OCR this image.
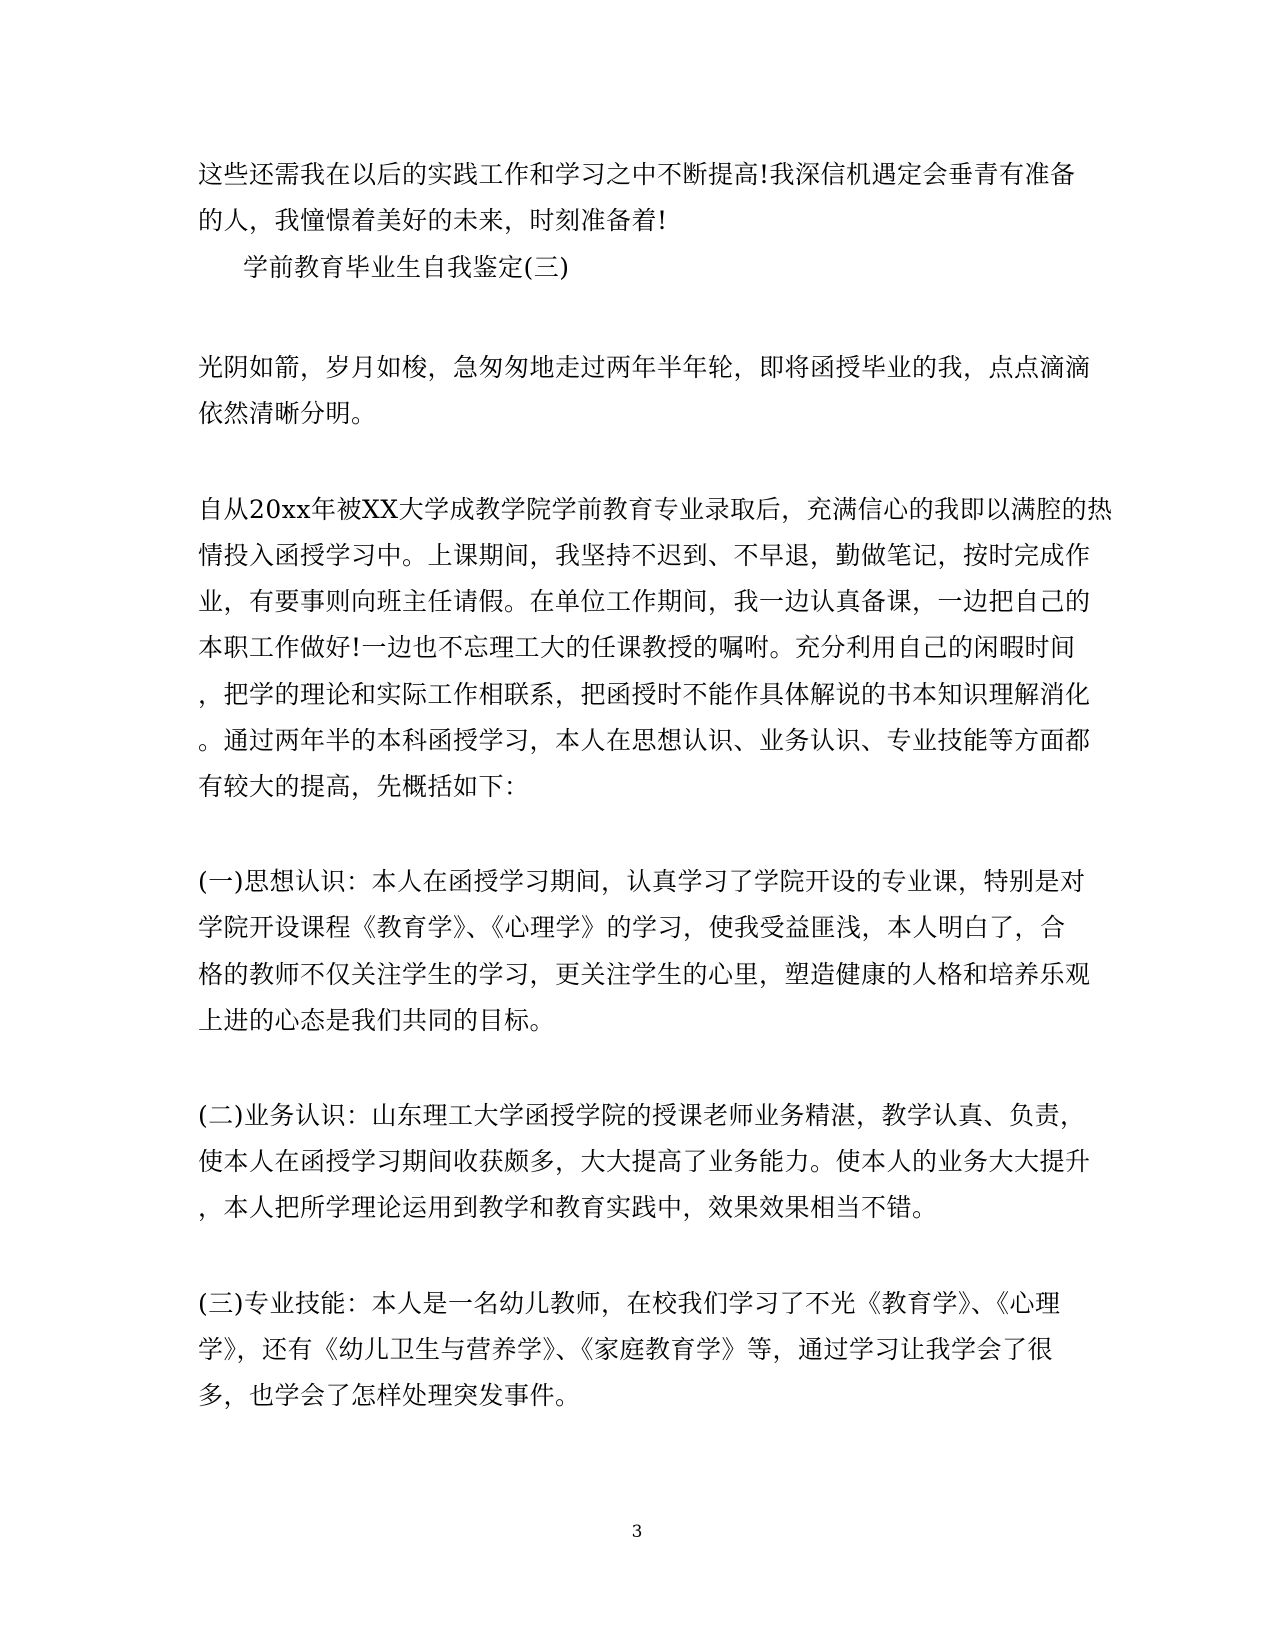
这些还需我在以后的实践工作和学习之中不断提高!我深信机遇定会垂青有准备
的人，我憧憬着美好的未来，时刻准备着!
学前教育毕业生自我鉴定(三)
光阴如箭，岁月如梭，急匆匆地走过两年半年轮，即将函授毕业的我，点点滴滴
依然清晰分明。
自从20xx年被XX大学成教学院学前教育专业录取后，充满信心的我即以满腔的热
情投入函授学习中。上课期间，我坚持不迟到、不早退，勤做笔记，按时完成作
业，有要事则向班主任请假。在单位工作期间，我一边认真备课，一边把自己的
本职工作做好!一边也不忘理工大的任课教授的嘱咐。充分利用自己的闲暇时间
，把学的理论和实际工作相联系，把函授时不能作具体解说的书本知识理解消化
。通过两年半的本科函授学习，本人在思想认识、业务认识、专业技能等方面都
有较大的提高，先概括如下：
(一)思想认识：本人在函授学习期间，认真学习了学院开设的专业课，特别是对
学院开设课程《教育学》、《心理学》的学习，使我受益匪浅，本人明白了，合
格的教师不仅关注学生的学习，更关注学生的心里，塑造健康的人格和培养乐观
上进的心态是我们共同的目标。
(二)业务认识：山东理工大学函授学院的授课老师业务精湛，教学认真、负责，
使本人在函授学习期间收获颇多，大大提高了业务能力。使本人的业务大大提升
，本人把所学理论运用到教学和教育实践中，效果效果相当不错。
(三)专业技能：本人是一名幼儿教师，在校我们学习了不光《教育学》、《心理
学》，还有《幼儿卫生与营养学》、《家庭教育学》等，通过学习让我学会了很
多，也学会了怎样处理突发事件。
3
